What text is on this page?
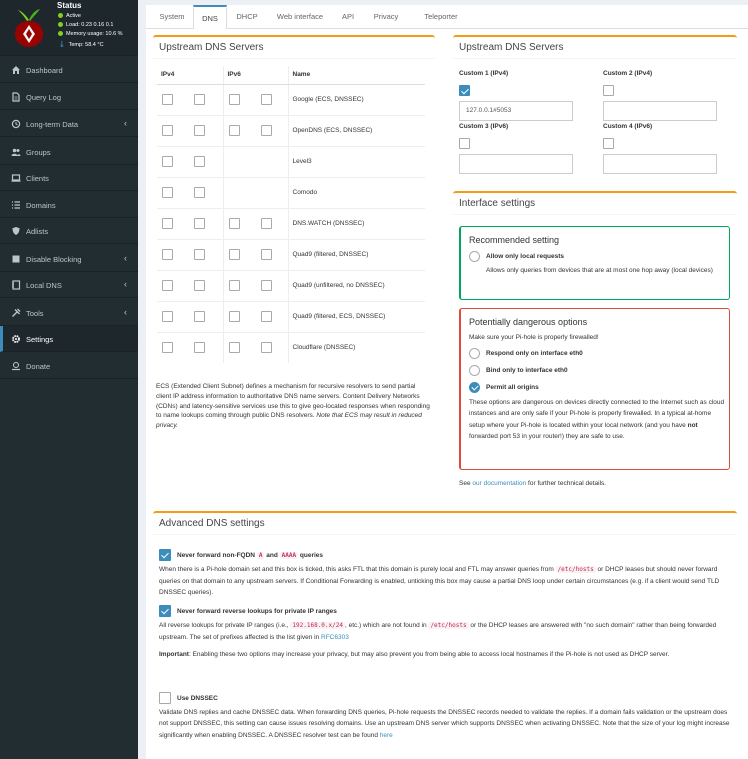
Status
Active
Load: 0.23 0.16 0.1
Memory usage: 10.6 %
🌡 Temp: 58.4 °C
Dashboard
Query Log
Long-term Data	‹
Groups
Clients
Domains
Adlists
Disable Blocking	‹
Local DNS	‹
Tools	‹
Settings
Donate
System	DNS	DHCP	Web interface	API	Privacy	Teleporter
Upstream DNS Servers
IPv4	IPv6	Name
		Google (ECS, DNSSEC)
		OpenDNS (ECS, DNSSEC)
		Level3
		Comodo
		DNS.WATCH (DNSSEC)
		Quad9 (filtered, DNSSEC)
		Quad9 (unfiltered, no DNSSEC)
		Quad9 (filtered, ECS, DNSSEC)
		Cloudflare (DNSSEC)
ECS (Extended Client Subnet) defines a mechanism for recursive resolvers to send partial client IP address information to authoritative DNS name servers. Content Delivery Networks (CDNs) and latency-sensitive services use this to give geo-located responses when responding to name lookups coming through public DNS resolvers. Note that ECS may result in reduced privacy.
Upstream DNS Servers
Custom 1 (IPv4)
127.0.0.1#5053
Custom 2 (IPv4)
Custom 3 (IPv6)	Custom 4 (IPv6)
Interface settings
Recommended setting
Allow only local requests
Allows only queries from devices that are at most one hop away (local devices)
Potentially dangerous options
Make sure your Pi-hole is properly firewalled!
Respond only on interface eth0
Bind only to interface eth0
Permit all origins
These options are dangerous on devices directly connected to the Internet such as cloud instances and are only safe if your Pi-hole is properly firewalled. In a typical at-home setup where your Pi-hole is located within your local network (and you have not forwarded port 53 in your router!) they are safe to use.
See our documentation for further technical details.
Advanced DNS settings
Never forward non-FQDN A and AAAA queries
When there is a Pi-hole domain set and this box is ticked, this asks FTL that this domain is purely local and FTL may answer queries from /etc/hosts or DHCP leases but should never forward queries on that domain to any upstream servers. If Conditional Forwarding is enabled, unticking this box may cause a partial DNS loop under certain circumstances (e.g. if a client would send TLD DNSSEC queries).
Never forward reverse lookups for private IP ranges
All reverse lookups for private IP ranges (i.e., 192.168.0.x/24 , etc.) which are not found in /etc/hosts or the DHCP leases are answered with "no such domain" rather than being forwarded upstream. The set of prefixes affected is the list given in RFC6303
Important: Enabling these two options may increase your privacy, but may also prevent you from being able to access local hostnames if the Pi-hole is not used as DHCP server.
Use DNSSEC
Validate DNS replies and cache DNSSEC data. When forwarding DNS queries, Pi-hole requests the DNSSEC records needed to validate the replies. If a domain fails validation or the upstream does not support DNSSEC, this setting can cause issues resolving domains. Use an upstream DNS server which supports DNSSEC when activating DNSSEC. Note that the size of your log might increase significantly when enabling DNSSEC. A DNSSEC resolver test can be found here
